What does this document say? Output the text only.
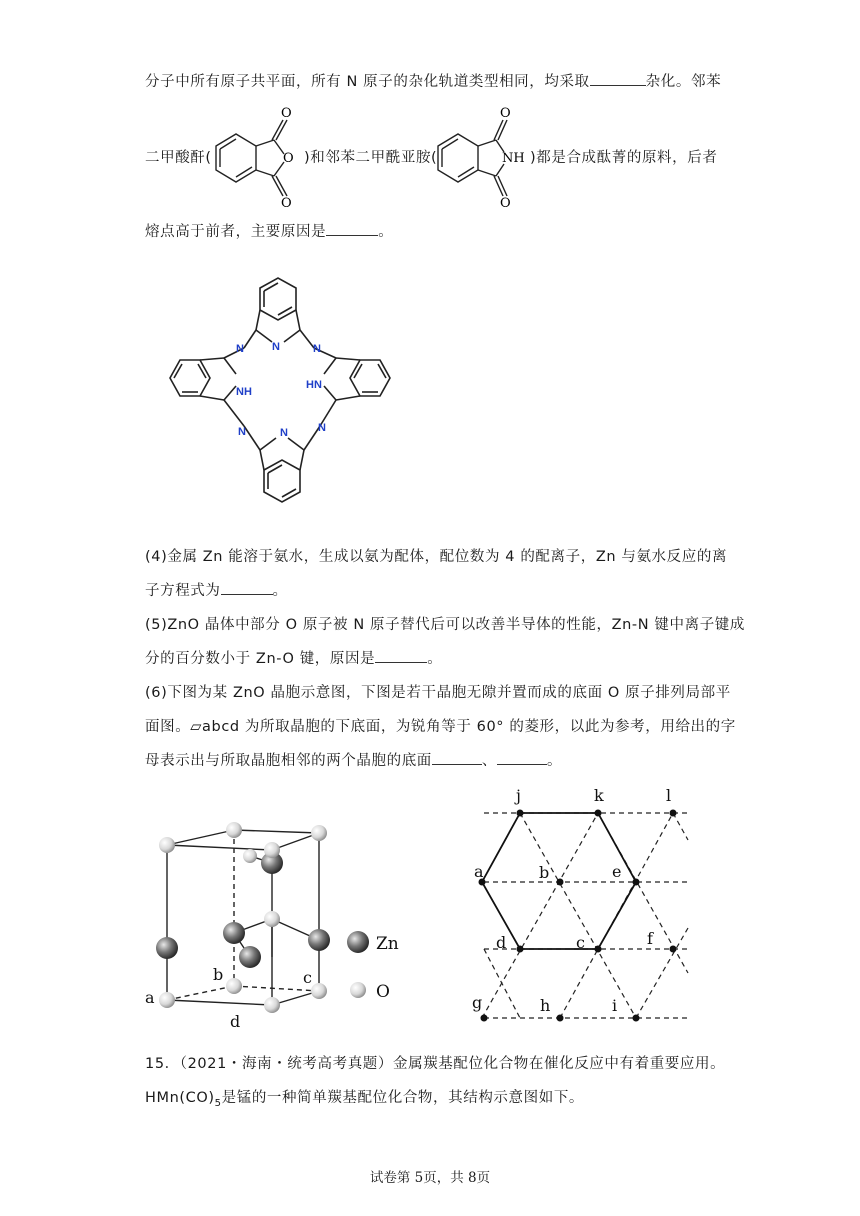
分子中所有原子共平面，所有 N 原子的杂化轨道类型相同，均采取	杂化。邻苯
二甲酸酐(
O
O
O
)和邻苯二甲酰亚胺(
O
NH
O
)都是合成酞菁的原料，后者
熔点高于前者，主要原因是	。
N
N	N
NH
HN
N	N	N
(4)金属 Zn 能溶于氨水，生成以氨为配体，配位数为 4 的配离子，Zn 与氨水反应的离
子方程式为	。
(5)ZnO 晶体中部分 O 原子被 N 原子替代后可以改善半导体的性能，Zn-N 键中离子键成
分的百分数小于 Zn-O 键，原因是	。
(6)下图为某 ZnO 晶胞示意图，下图是若干晶胞无隙并置而成的底面 O 原子排列局部平
面图。▱abcd 为所取晶胞的下底面，为锐角等于 60° 的菱形，以此为参考，用给出的字
母表示出与所取晶胞相邻的两个晶胞的底面	、	。
a
b	c
d
Zn
O
j	k	l
a	b	e
d	c	f
g	h	i
15．（2021・海南・统考高考真题）金属羰基配位化合物在催化反应中有着重要应用。
$HMn(CO)_5$是锰的一种简单羰基配位化合物，其结构示意图如下。
试卷第 5页，共 8页
